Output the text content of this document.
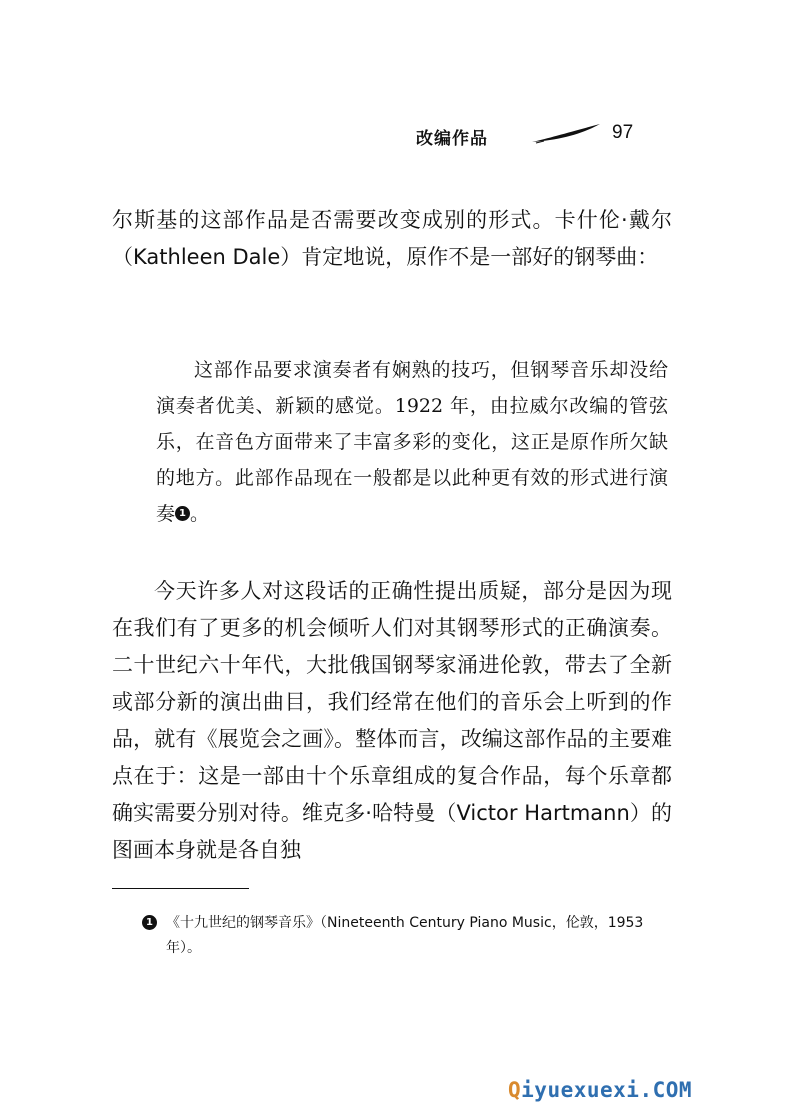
改编作品	97

尔斯基的这部作品是否需要改变成别的形式。卡什伦·戴尔（Kathleen Dale）肯定地说，原作不是一部好的钢琴曲：

这部作品要求演奏者有娴熟的技巧，但钢琴音乐却没给演奏者优美、新颖的感觉。1922 年，由拉威尔改编的管弦乐，在音色方面带来了丰富多彩的变化，这正是原作所欠缺的地方。此部作品现在一般都是以此种更有效的形式进行演奏 1 。

今天许多人对这段话的正确性提出质疑，部分是因为现在我们有了更多的机会倾听人们对其钢琴形式的正确演奏。二十世纪六十年代，大批俄国钢琴家涌进伦敦，带去了全新或部分新的演出曲目，我们经常在他们的音乐会上听到的作品，就有《展览会之画》。整体而言，改编这部作品的主要难点在于：这是一部由十个乐章组成的复合作品，每个乐章都确实需要分别对待。维克多·哈特曼（Victor Hartmann）的图画本身就是各自独

1 《十九世纪的钢琴音乐》（Nineteenth Century Piano Music，伦敦，1953 年）。
Qiyuexuexi.COM
